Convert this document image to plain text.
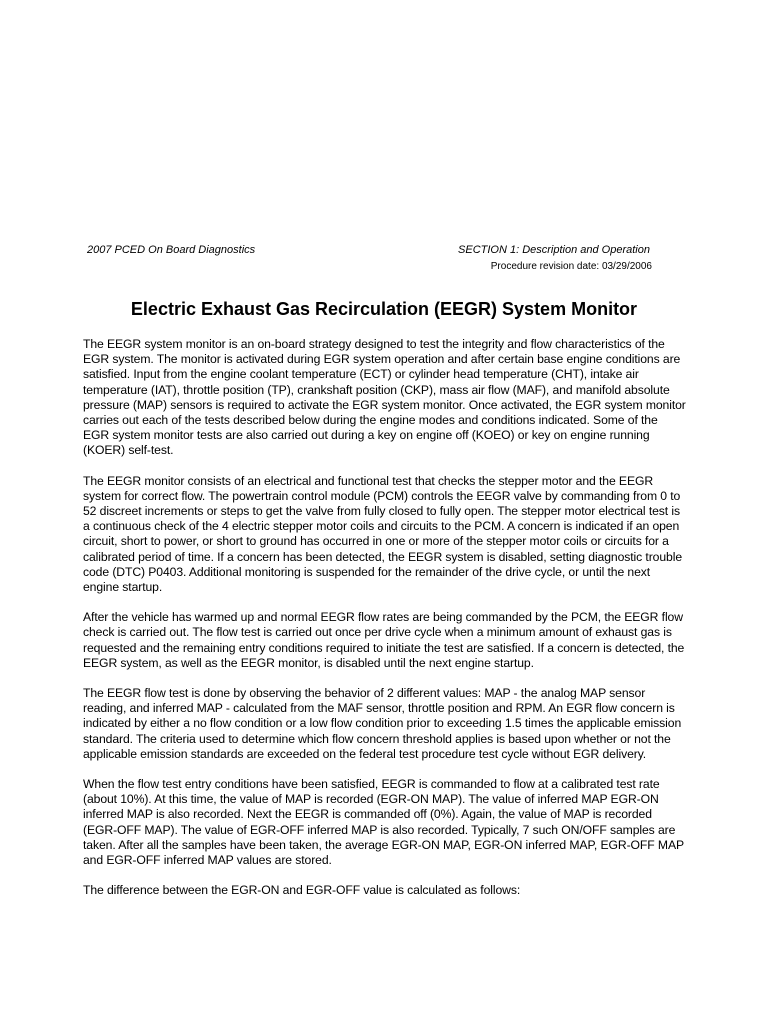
2007 PCED On Board Diagnostics	SECTION 1: Description and Operation
Procedure revision date: 03/29/2006
Electric Exhaust Gas Recirculation (EEGR) System Monitor

The EEGR system monitor is an on-board strategy designed to test the integrity and flow characteristics of the EGR system. The monitor is activated during EGR system operation and after certain base engine conditions are satisfied. Input from the engine coolant temperature (ECT) or cylinder head temperature (CHT), intake air temperature (IAT), throttle position (TP), crankshaft position (CKP), mass air flow (MAF), and manifold absolute pressure (MAP) sensors is required to activate the EGR system monitor. Once activated, the EGR system monitor carries out each of the tests described below during the engine modes and conditions indicated. Some of the EGR system monitor tests are also carried out during a key on engine off (KOEO) or key on engine running (KOER) self-test.

The EEGR monitor consists of an electrical and functional test that checks the stepper motor and the EEGR system for correct flow. The powertrain control module (PCM) controls the EEGR valve by commanding from 0 to 52 discreet increments or steps to get the valve from fully closed to fully open. The stepper motor electrical test is a continuous check of the 4 electric stepper motor coils and circuits to the PCM. A concern is indicated if an open circuit, short to power, or short to ground has occurred in one or more of the stepper motor coils or circuits for a calibrated period of time. If a concern has been detected, the EEGR system is disabled, setting diagnostic trouble code (DTC) P0403. Additional monitoring is suspended for the remainder of the drive cycle, or until the next engine startup.

After the vehicle has warmed up and normal EEGR flow rates are being commanded by the PCM, the EEGR flow check is carried out. The flow test is carried out once per drive cycle when a minimum amount of exhaust gas is requested and the remaining entry conditions required to initiate the test are satisfied. If a concern is detected, the EEGR system, as well as the EEGR monitor, is disabled until the next engine startup.

The EEGR flow test is done by observing the behavior of 2 different values: MAP - the analog MAP sensor reading, and inferred MAP - calculated from the MAF sensor, throttle position and RPM. An EGR flow concern is indicated by either a no flow condition or a low flow condition prior to exceeding 1.5 times the applicable emission standard. The criteria used to determine which flow concern threshold applies is based upon whether or not the applicable emission standards are exceeded on the federal test procedure test cycle without EGR delivery.

When the flow test entry conditions have been satisfied, EEGR is commanded to flow at a calibrated test rate (about 10%). At this time, the value of MAP is recorded (EGR-ON MAP). The value of inferred MAP EGR-ON inferred MAP is also recorded. Next the EEGR is commanded off (0%). Again, the value of MAP is recorded (EGR-OFF MAP). The value of EGR-OFF inferred MAP is also recorded. Typically, 7 such ON/OFF samples are taken. After all the samples have been taken, the average EGR-ON MAP, EGR-ON inferred MAP, EGR-OFF MAP and EGR-OFF inferred MAP values are stored.

The difference between the EGR-ON and EGR-OFF value is calculated as follows:
